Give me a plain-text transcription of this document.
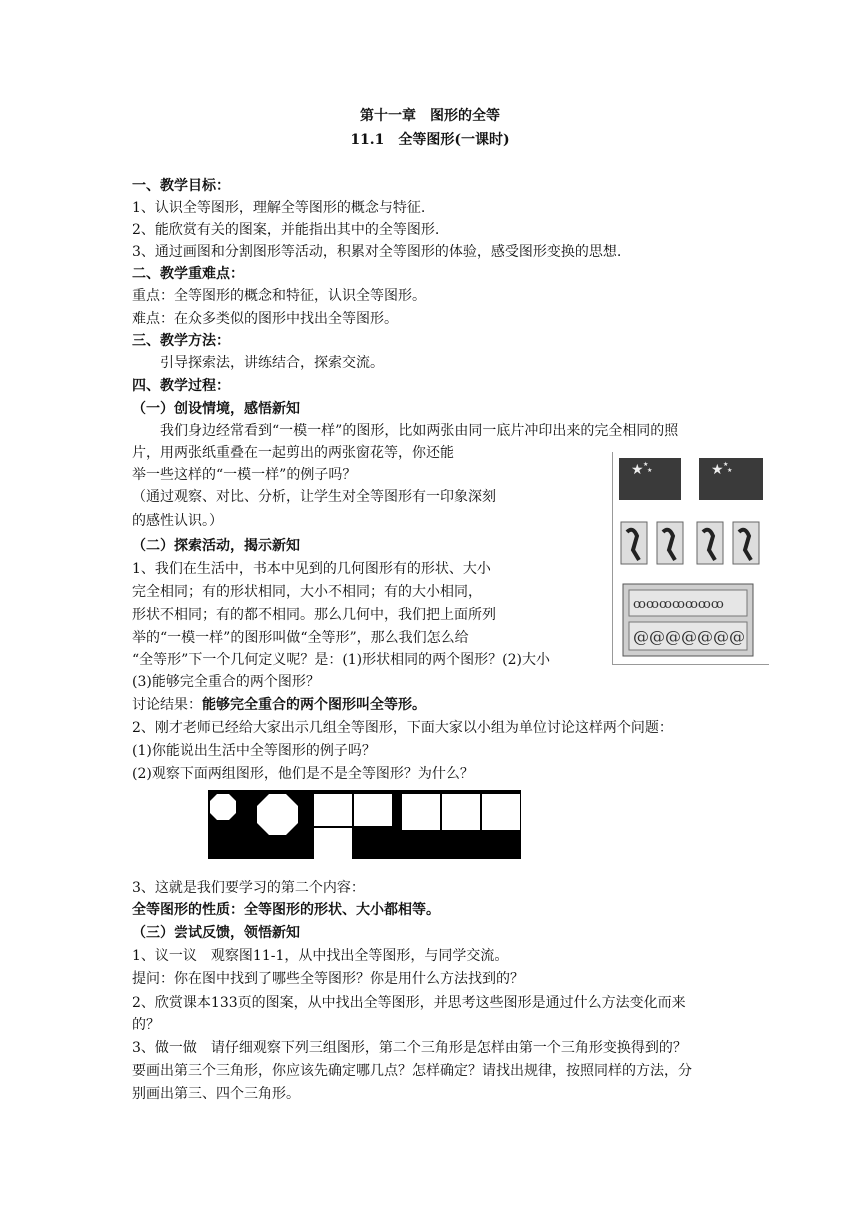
第十一章　图形的全等
11.1　全等图形(一课时)
一、教学目标：
1、认识全等图形，理解全等图形的概念与特征.
2、能欣赏有关的图案，并能指出其中的全等图形.
3、通过画图和分割图形等活动，积累对全等图形的体验，感受图形变换的思想.
二、教学重难点：
重点：全等图形的概念和特征，认识全等图形。
难点：在众多类似的图形中找出全等图形。
三、教学方法：
引导探索法，讲练结合，探索交流。
四、教学过程：
（一）创设情境，感悟新知
我们身边经常看到“一模一样”的图形，比如两张由同一底片冲印出来的完全相同的照
片，用两张纸重叠在一起剪出的两张窗花等，你还能
举一些这样的“一模一样”的例子吗？
（通过观察、对比、分析，让学生对全等图形有一印象深刻
的感性认识。）
（二）探索活动，揭示新知
1、我们在生活中，书本中见到的几何图形有的形状、大小
完全相同；有的形状相同，大小不相同；有的大小相同，
形状不相同；有的都不相同。那么几何中，我们把上面所列
举的“一模一样”的图形叫做“全等形”，那么我们怎么给
“全等形”下一个几何定义呢？是：(1)形状相同的两个图形？(2)大小
(3)能够完全重合的两个图形？
讨论结果：能够完全重合的两个图形叫全等形。
2、刚才老师已经给大家出示几组全等图形，下面大家以小组为单位讨论这样两个问题：
(1)你能说出生活中全等图形的例子吗？
(2)观察下面两组图形，他们是不是全等图形？为什么？
3、这就是我们要学习的第二个内容：
全等图形的性质：全等图形的形状、大小都相等。
（三）尝试反馈，领悟新知
1、议一议　观察图11-1，从中找出全等图形，与同学交流。
提问：你在图中找到了哪些全等图形？你是用什么方法找到的？
2、欣赏课本133页的图案，从中找出全等图形，并思考这些图形是通过什么方法变化而来
的？
3、做一做　请仔细观察下列三组图形，第二个三角形是怎样由第一个三角形变换得到的？
要画出第三个三角形，你应该先确定哪几点？怎样确定？请找出规律，按照同样的方法，分
别画出第三、四个三角形。
★ ★
★	★ ★
★
ꝏꝏꝏꝏꝏꝏꝏ
@@@@@@@
